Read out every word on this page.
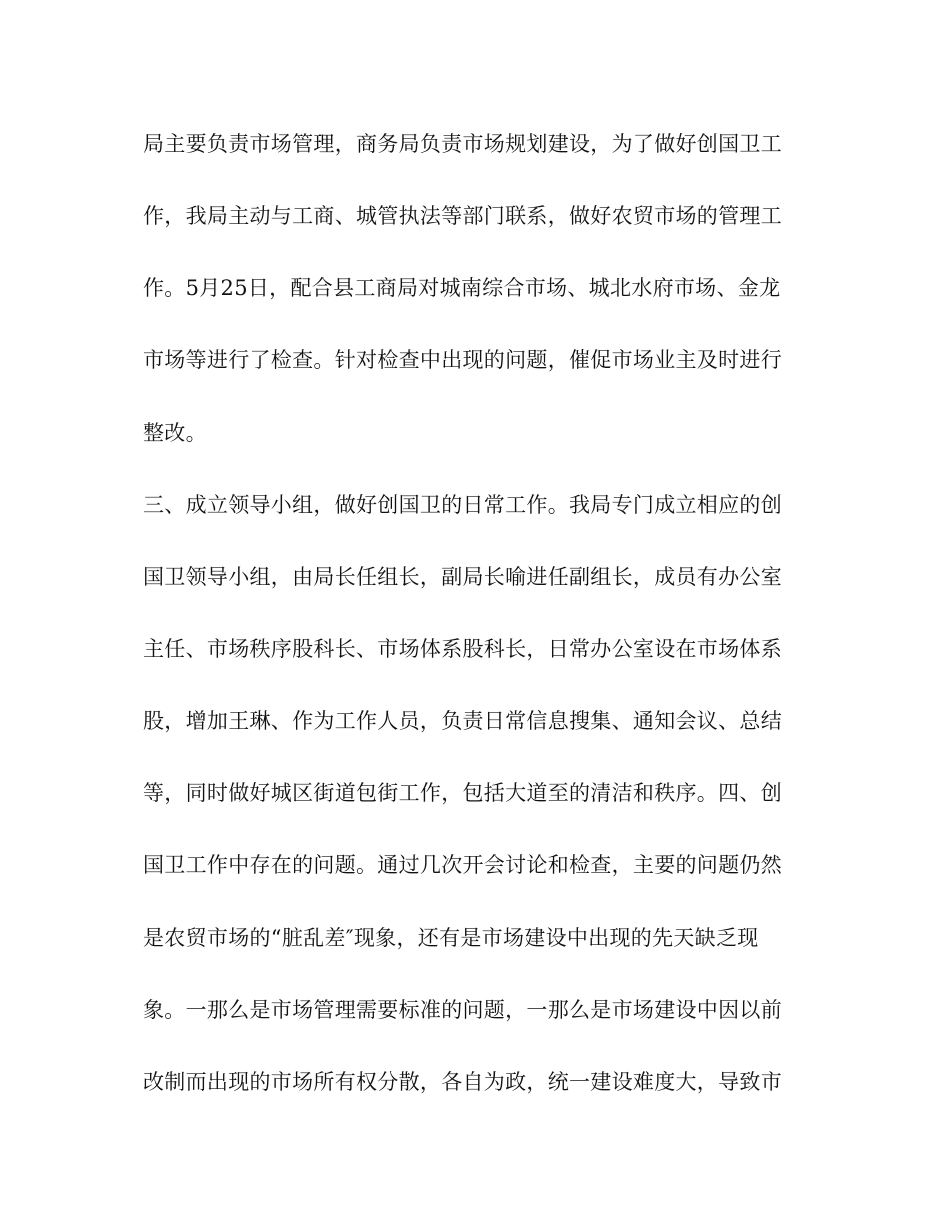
局主要负责市场管理，商务局负责市场规划建设，为了做好创国卫工
作，我局主动与工商、城管执法等部门联系，做好农贸市场的管理工
作。5月25日，配合县工商局对城南综合市场、城北水府市场、金龙
市场等进行了检查。针对检查中出现的问题，催促市场业主及时进行
整改。
三、成立领导小组，做好创国卫的日常工作。我局专门成立相应的创
国卫领导小组，由局长任组长，副局长喻进任副组长，成员有办公室
主任、市场秩序股科长、市场体系股科长，日常办公室设在市场体系
股，增加王琳、作为工作人员，负责日常信息搜集、通知会议、总结
等，同时做好城区街道包街工作，包括大道至的清洁和秩序。四、创
国卫工作中存在的问题。通过几次开会讨论和检查，主要的问题仍然
是农贸市场的“脏乱差″现象，还有是市场建设中出现的先天缺乏现
象。一那么是市场管理需要标准的问题，一那么是市场建设中因以前
改制而出现的市场所有权分散，各自为政，统一建设难度大，导致市
